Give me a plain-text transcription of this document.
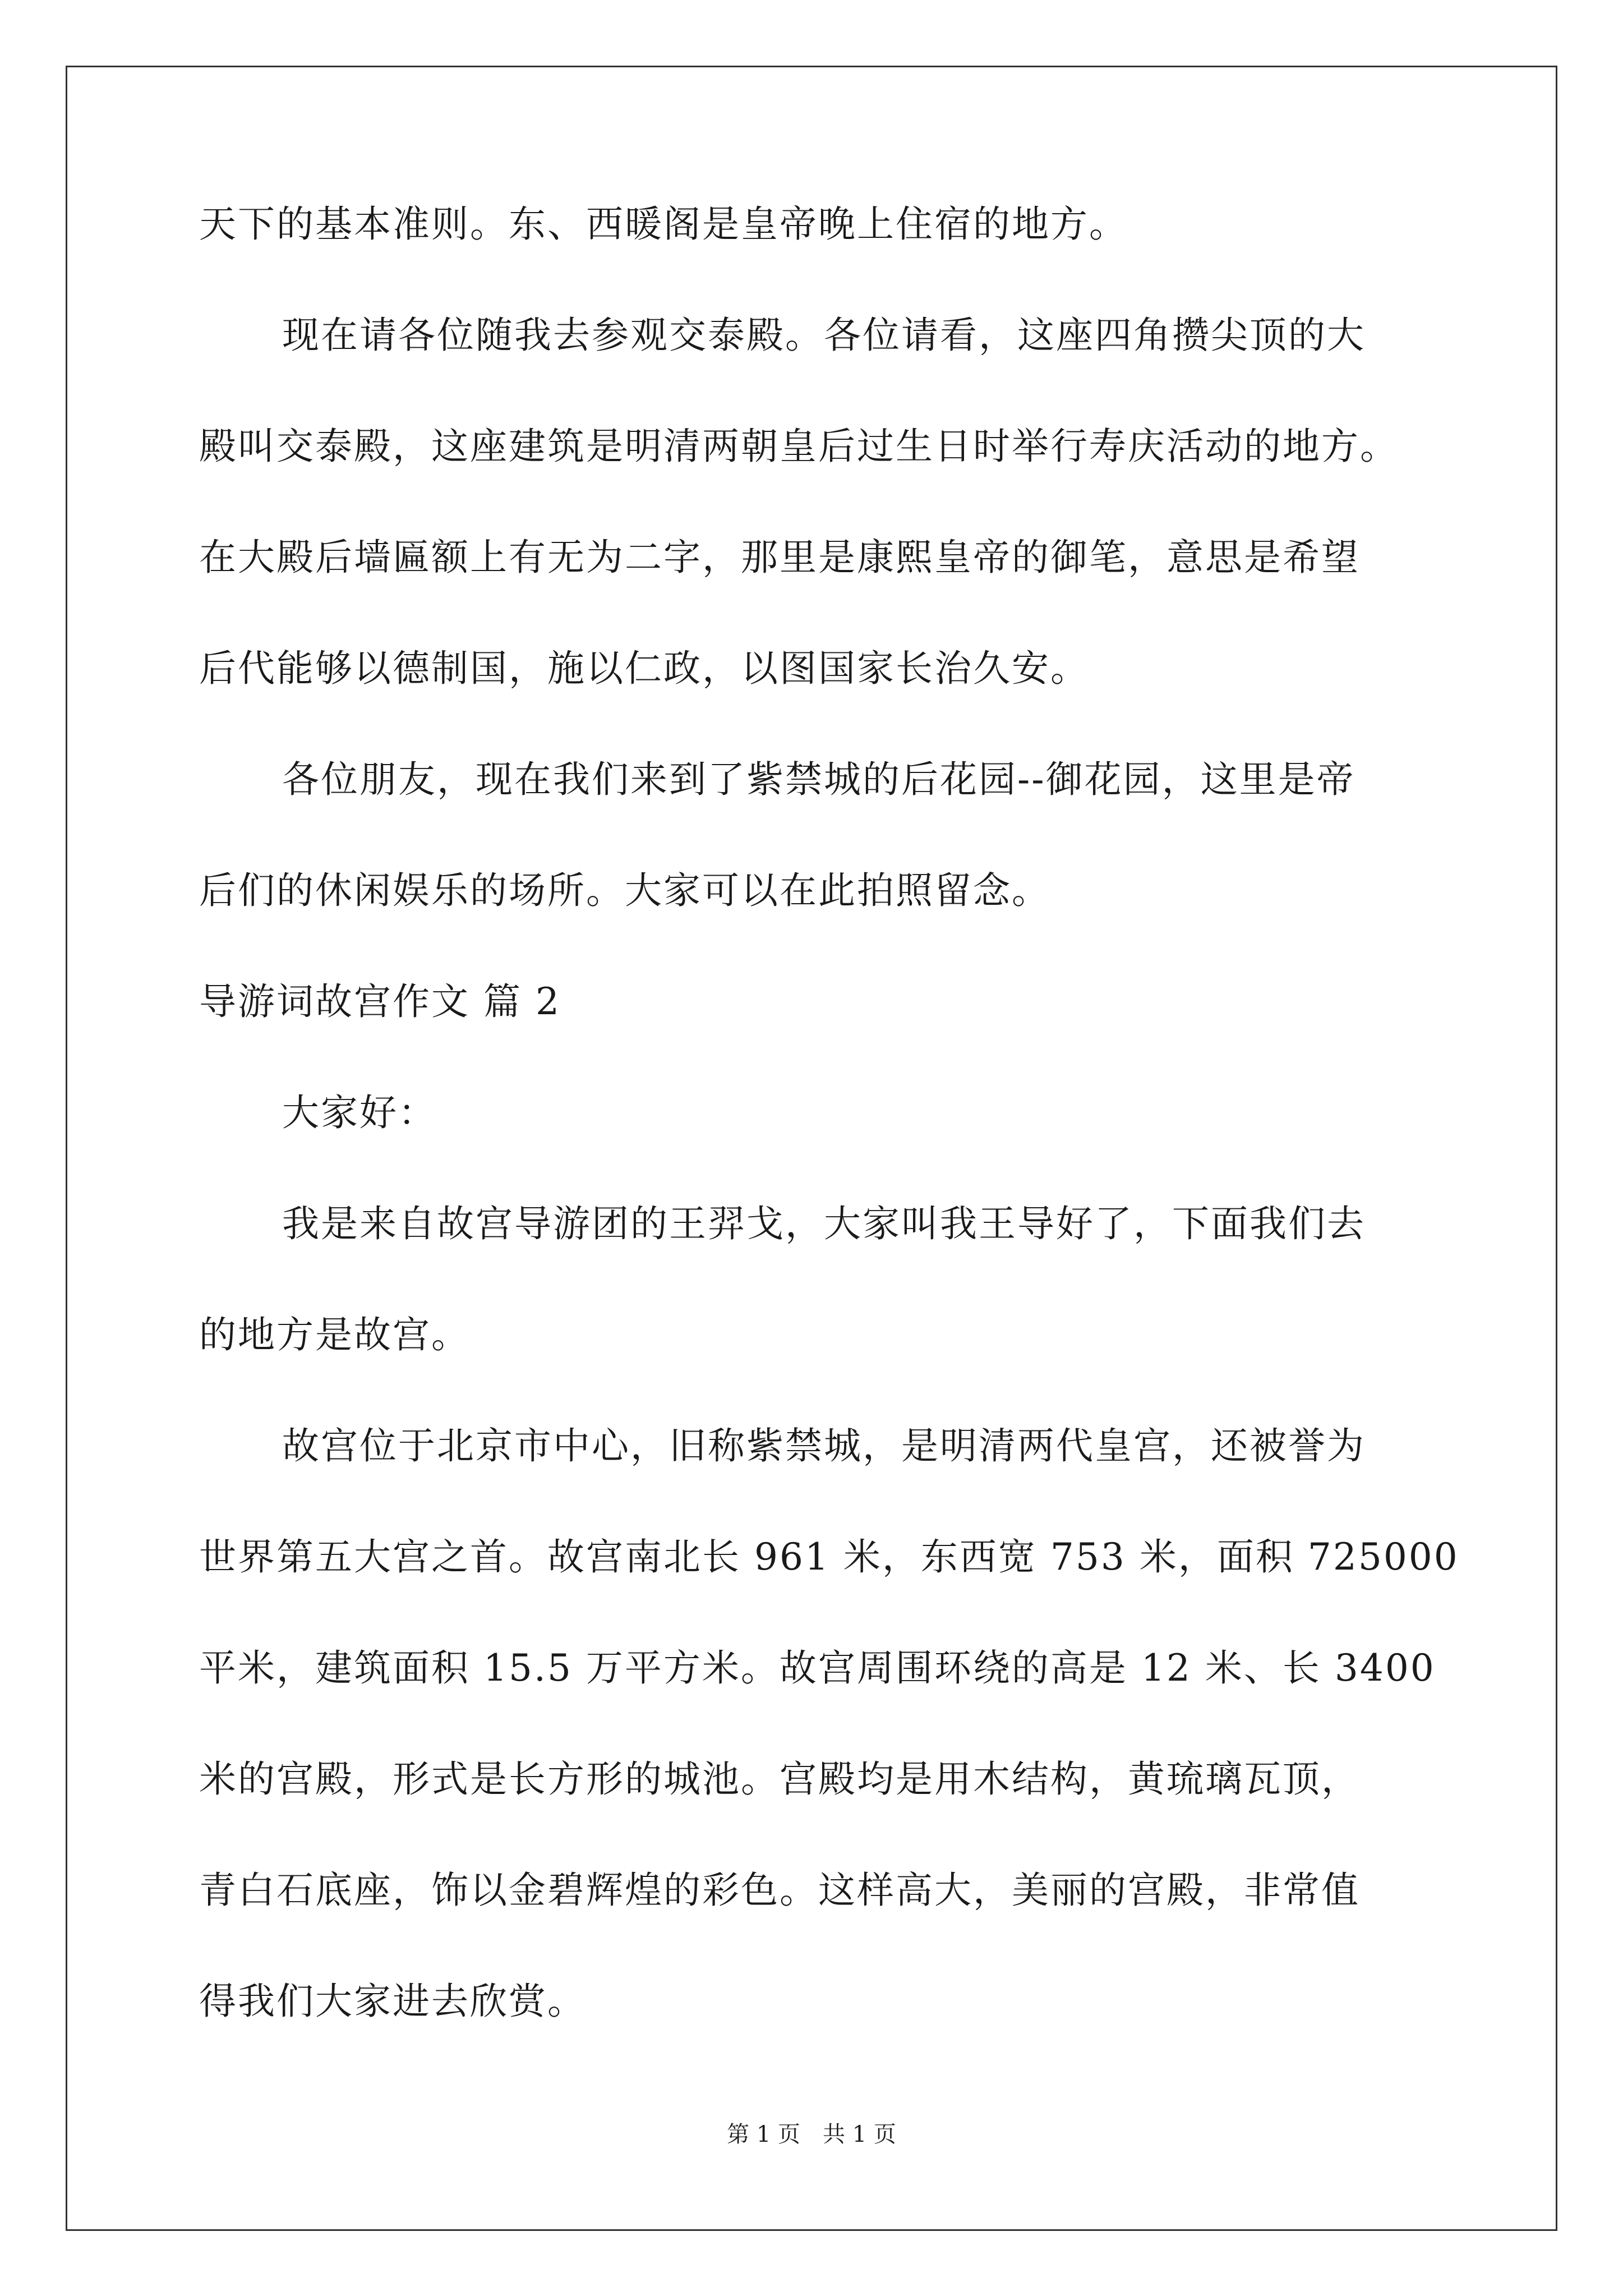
天下的基本准则。东、西暖阁是皇帝晚上住宿的地方。
现在请各位随我去参观交泰殿。各位请看，这座四角攒尖顶的大
殿叫交泰殿，这座建筑是明清两朝皇后过生日时举行寿庆活动的地方。
在大殿后墙匾额上有无为二字，那里是康熙皇帝的御笔，意思是希望
后代能够以德制国，施以仁政，以图国家长治久安。
各位朋友，现在我们来到了紫禁城的后花园--御花园，这里是帝
后们的休闲娱乐的场所。大家可以在此拍照留念。
导游词故宫作文 篇 2
大家好：
我是来自故宫导游团的王羿戈，大家叫我王导好了，下面我们去
的地方是故宫。
故宫位于北京市中心，旧称紫禁城，是明清两代皇宫，还被誉为
世界第五大宫之首。故宫南北长 961 米，东西宽 753 米，面积 725000
平米，建筑面积 15.5 万平方米。故宫周围环绕的高是 12 米、长 3400
米的宫殿，形式是长方形的城池。宫殿均是用木结构，黄琉璃瓦顶，
青白石底座，饰以金碧辉煌的彩色。这样高大，美丽的宫殿，非常值
得我们大家进去欣赏。
第 1 页 共 1 页
